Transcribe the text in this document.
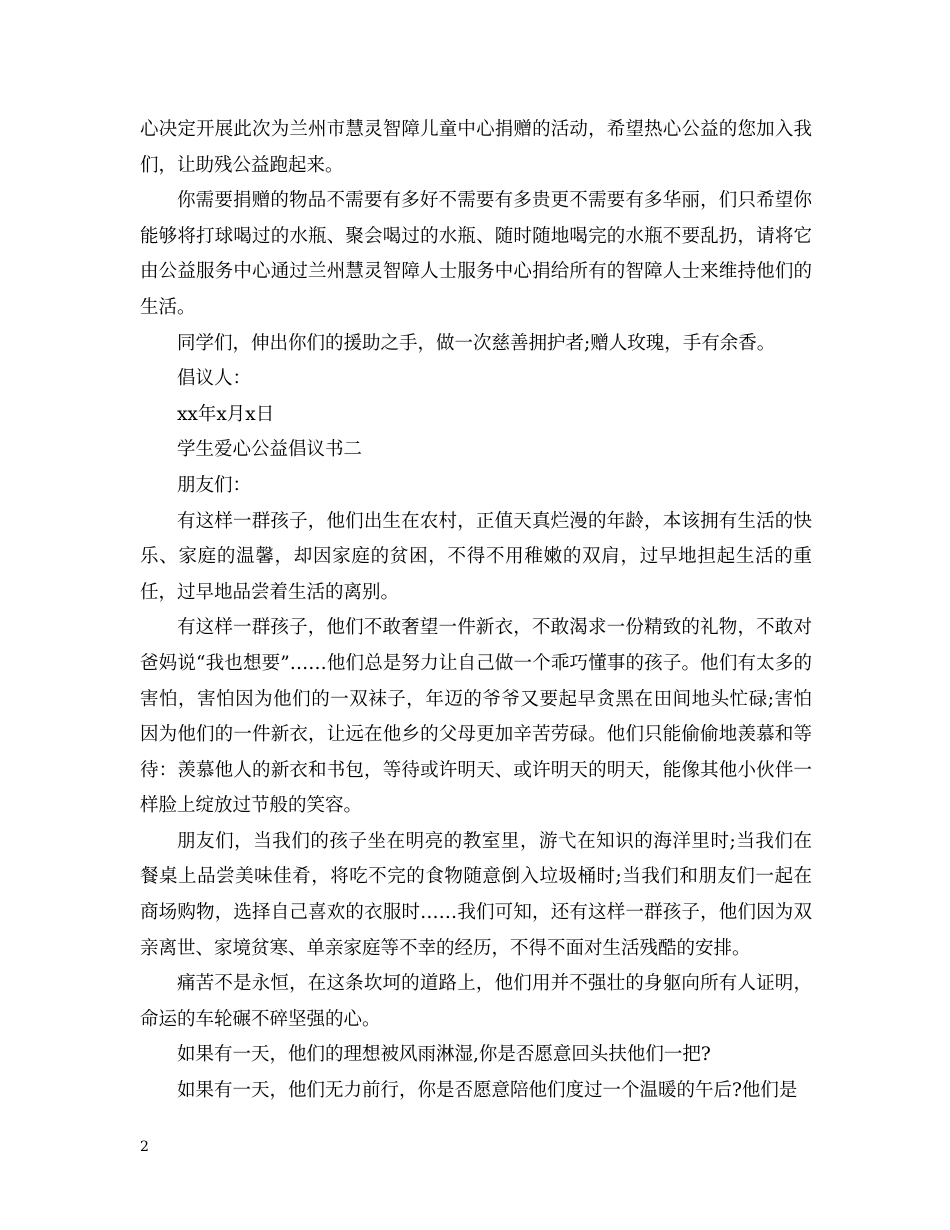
心决定开展此次为兰州市慧灵智障儿童中心捐赠的活动，希望热心公益的您加入我们，让助残公益跑起来。

你需要捐赠的物品不需要有多好不需要有多贵更不需要有多华丽，们只希望你能够将打球喝过的水瓶、聚会喝过的水瓶、随时随地喝完的水瓶不要乱扔，请将它由公益服务中心通过兰州慧灵智障人士服务中心捐给所有的智障人士来维持他们的生活。

同学们，伸出你们的援助之手，做一次慈善拥护者;赠人玫瑰，手有余香。

倡议人：

xx年x月x日

学生爱心公益倡议书二

朋友们：

有这样一群孩子，他们出生在农村，正值天真烂漫的年龄，本该拥有生活的快乐、家庭的温馨，却因家庭的贫困，不得不用稚嫩的双肩，过早地担起生活的重任，过早地品尝着生活的离别。

有这样一群孩子，他们不敢奢望一件新衣，不敢渴求一份精致的礼物，不敢对爸妈说“我也想要”……他们总是努力让自己做一个乖巧懂事的孩子。他们有太多的害怕，害怕因为他们的一双袜子，年迈的爷爷又要起早贪黑在田间地头忙碌;害怕因为他们的一件新衣，让远在他乡的父母更加辛苦劳碌。他们只能偷偷地羡慕和等待：羡慕他人的新衣和书包，等待或许明天、或许明天的明天，能像其他小伙伴一样脸上绽放过节般的笑容。

朋友们，当我们的孩子坐在明亮的教室里，游弋在知识的海洋里时;当我们在餐桌上品尝美味佳肴，将吃不完的食物随意倒入垃圾桶时;当我们和朋友们一起在商场购物，选择自己喜欢的衣服时……我们可知，还有这样一群孩子，他们因为双亲离世、家境贫寒、单亲家庭等不幸的经历，不得不面对生活残酷的安排。

痛苦不是永恒，在这条坎坷的道路上，他们用并不强壮的身躯向所有人证明，命运的车轮碾不碎坚强的心。

如果有一天，他们的理想被风雨淋湿,你是否愿意回头扶他们一把?

如果有一天，他们无力前行，你是否愿意陪他们度过一个温暖的午后?他们是

2
